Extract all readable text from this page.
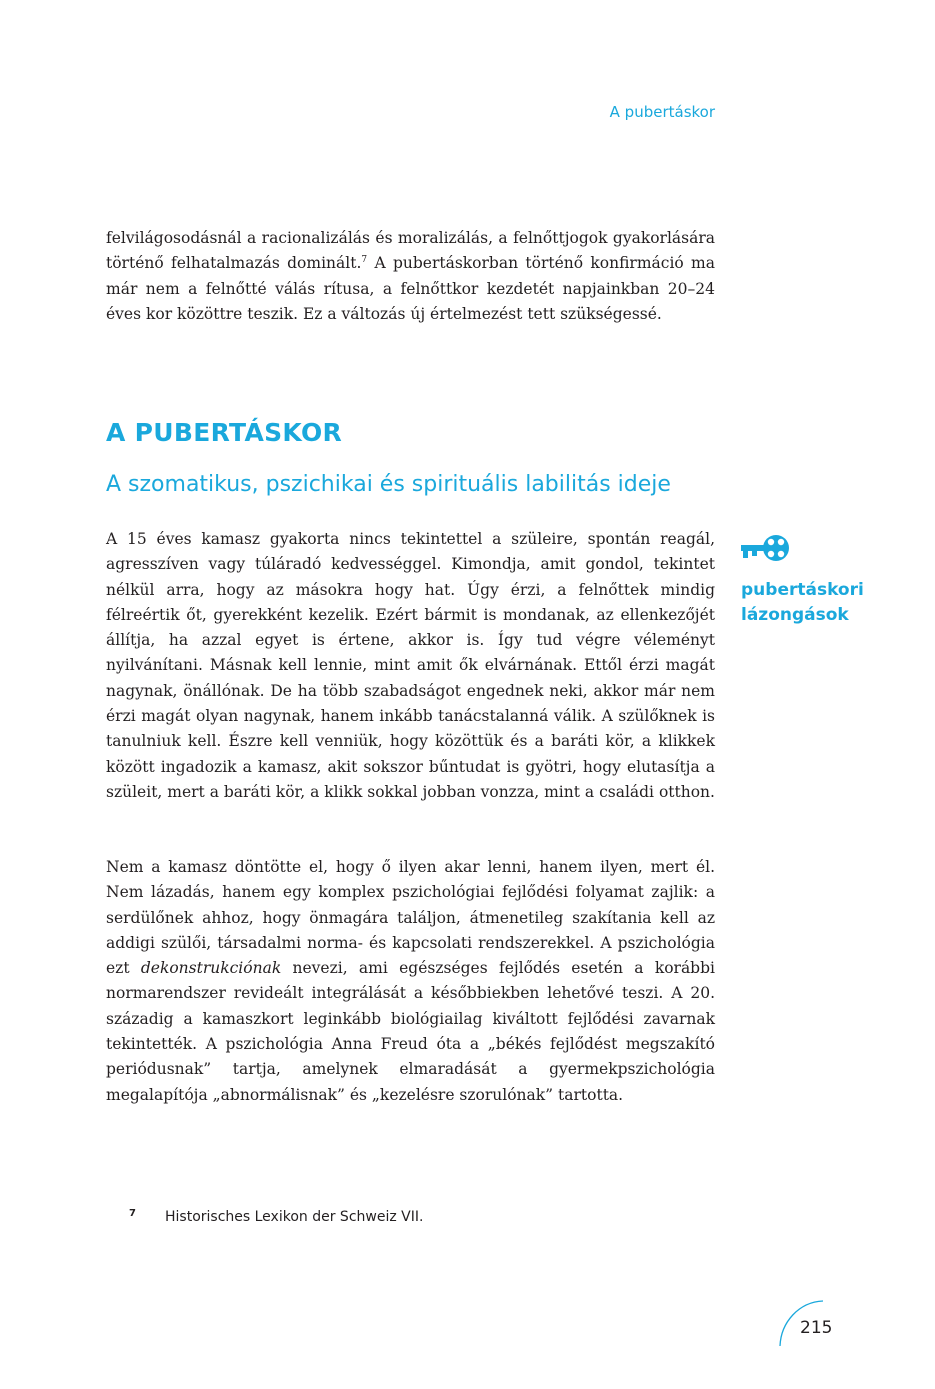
A pubertáskor

felvilágosodásnál a racionalizálás és moralizálás, a felnőttjogok gyakorlására történő felhatalmazás dominált.$^7$ A pubertáskorban történő konfirmáció ma már nem a felnőtté válás rítusa, a felnőttkor kezdetét napjainkban 20–24 éves kor közöttre teszik. Ez a változás új értelmezést tett szükségessé.

A PUBERTÁSKOR
A szomatikus, pszichikai és spirituális labilitás ideje
pubertáskori lázongások

A 15 éves kamasz gyakorta nincs tekintettel a szüleire, spontán reagál, agresszíven vagy túláradó kedvességgel. Kimondja, amit gondol, tekintet nélkül arra, hogy az másokra hogy hat. Úgy érzi, a felnőttek mindig félreértik őt, gyerekként kezelik. Ezért bármit is mondanak, az ellenkezőjét állítja, ha azzal egyet is értene, akkor is. Így tud végre véleményt nyilvánítani. Másnak kell lennie, mint amit ők elvárnának. Ettől érzi magát nagynak, önállónak. De ha több szabadságot engednek neki, akkor már nem érzi magát olyan nagynak, hanem inkább tanácstalanná válik. A szülőknek is tanulniuk kell. Észre kell venniük, hogy közöttük és a baráti kör, a klikkek között ingadozik a kamasz, akit sokszor bűntudat is gyötri, hogy elutasítja a szüleit, mert a baráti kör, a klikk sokkal jobban vonzza, mint a családi otthon.

Nem a kamasz döntötte el, hogy ő ilyen akar lenni, hanem ilyen, mert él. Nem lázadás, hanem egy komplex pszichológiai fejlődési folyamat zajlik: a serdülőnek ahhoz, hogy önmagára találjon, átmenetileg szakítania kell az addigi szülői, társadalmi norma- és kapcsolati rendszerekkel. A pszichológia ezt dekonstrukciónak nevezi, ami egészséges fejlődés esetén a korábbi normarendszer revideált integrálását a későbbiekben lehetővé teszi. A 20. századig a kamaszkort leginkább biológiailag kiváltott fejlődési zavarnak tekintették. A pszichológia Anna Freud óta a „békés fejlődést megszakító periódusnak” tartja, amelynek elmaradását a gyermekpszichológia megalapítója „abnormálisnak” és „kezelésre szorulónak” tartotta.

7 Historisches Lexikon der Schweiz VII.
215
